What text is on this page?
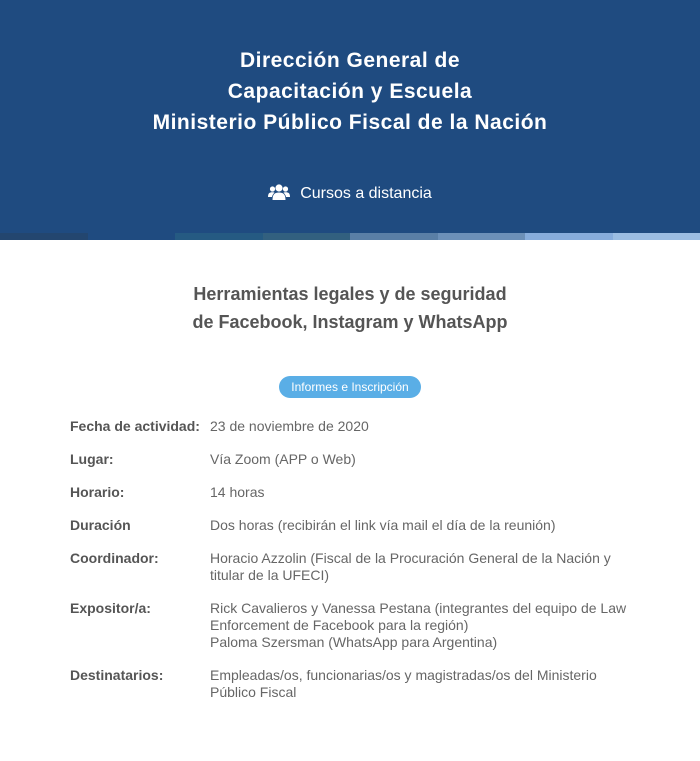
Dirección General de
Capacitación y Escuela
Ministerio Público Fiscal de la Nación
Cursos a distancia
Herramientas legales y de seguridad
de Facebook, Instagram y WhatsApp
Informes e Inscripción
Fecha de actividad:	23 de noviembre de 2020

Lugar:	Vía Zoom (APP o Web)

Horario:	14 horas

Duración	Dos horas (recibirán el link vía mail el día de la reunión)

Coordinador:	Horacio Azzolin (Fiscal de la Procuración General de la Nación y titular de la UFECI)

Expositor/a:	Rick Cavalieros y Vanessa Pestana (integrantes del equipo de Law Enforcement de Facebook para la región)
Paloma Szersman (WhatsApp para Argentina)

Destinatarios:	Empleadas/os, funcionarias/os y magistradas/os del Ministerio Público Fiscal
